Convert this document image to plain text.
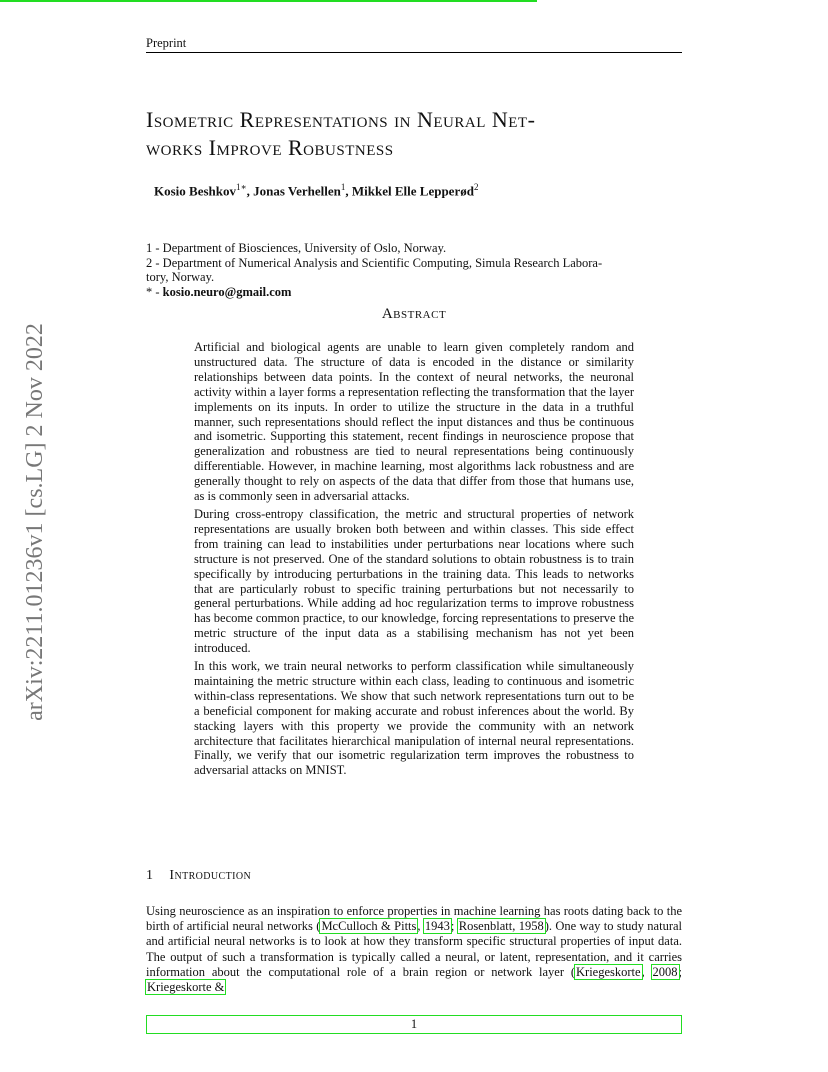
Preprint
arXiv:2211.01236v1 [cs.LG] 2 Nov 2022
Isometric Representations in Neural Net-
works Improve Robustness
Kosio Beshkov$^{1∗}$, Jonas Verhellen$^1$, Mikkel Elle Lepperød$^2$
1 - Department of Biosciences, University of Oslo, Norway.
2 - Department of Numerical Analysis and Scientific Computing, Simula Research Labora-
tory, Norway.
* - kosio.neuro@gmail.com
Abstract

Artificial and biological agents are unable to learn given completely random and unstructured data. The structure of data is encoded in the distance or similarity relationships between data points. In the context of neural networks, the neuronal activity within a layer forms a representation reflecting the transformation that the layer implements on its inputs. In order to utilize the structure in the data in a truthful manner, such representations should reflect the input distances and thus be continuous and isometric. Supporting this statement, recent findings in neuroscience propose that generalization and robustness are tied to neural representations being continuously differentiable. However, in machine learning, most algorithms lack robustness and are generally thought to rely on aspects of the data that differ from those that humans use, as is commonly seen in adversarial attacks.

During cross-entropy classification, the metric and structural properties of network representations are usually broken both between and within classes. This side effect from training can lead to instabilities under perturbations near locations where such structure is not preserved. One of the standard solutions to obtain robustness is to train specifically by introducing perturbations in the training data. This leads to networks that are particularly robust to specific training perturbations but not necessarily to general perturbations. While adding ad hoc regularization terms to improve robustness has become common practice, to our knowledge, forcing representations to preserve the metric structure of the input data as a stabilising mechanism has not yet been introduced.

In this work, we train neural networks to perform classification while simultaneously maintaining the metric structure within each class, leading to continuous and isometric within-class representations. We show that such network representations turn out to be a beneficial component for making accurate and robust inferences about the world. By stacking layers with this property we provide the community with an network architecture that facilitates hierarchical manipulation of internal neural representations. Finally, we verify that our isometric regularization term improves the robustness to adversarial attacks on MNIST.

1 Introduction

Using neuroscience as an inspiration to enforce properties in machine learning has roots dating back to the birth of artificial neural networks (McCulloch & Pitts, 1943; Rosenblatt, 1958). One way to study natural and artificial neural networks is to look at how they transform specific structural properties of input data. The output of such a transformation is typically called a neural, or latent, representation, and it carries information about the computational role of a brain region or network layer (Kriegeskorte, 2008; Kriegeskorte &

1
